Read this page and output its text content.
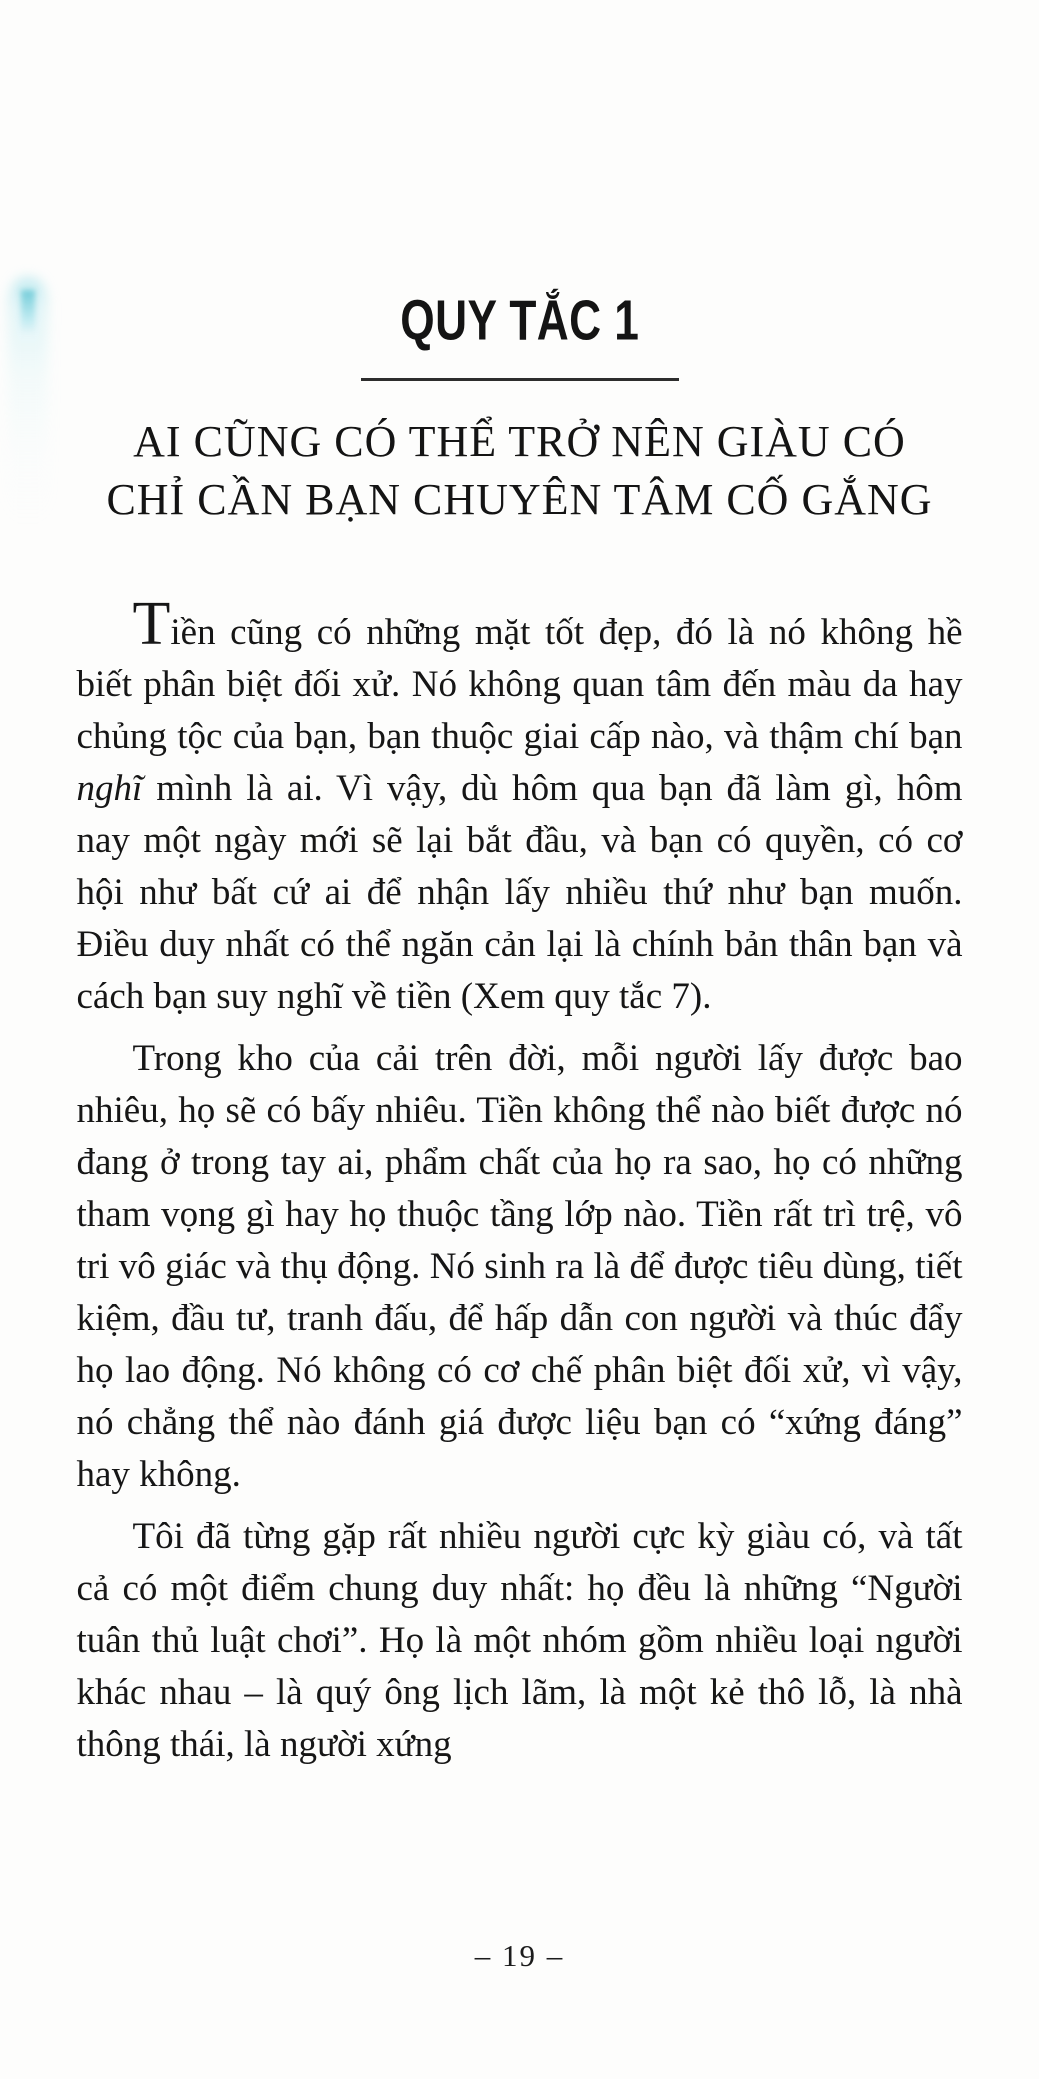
QUY TẮC 1
AI CŨNG CÓ THỂ TRỞ NÊN GIÀU CÓ
CHỈ CẦN BẠN CHUYÊN TÂM CỐ GẮNG

Tiền cũng có những mặt tốt đẹp, đó là nó không hề biết phân biệt đối xử. Nó không quan tâm đến màu da hay chủng tộc của bạn, bạn thuộc giai cấp nào, và thậm chí bạn nghĩ mình là ai. Vì vậy, dù hôm qua bạn đã làm gì, hôm nay một ngày mới sẽ lại bắt đầu, và bạn có quyền, có cơ hội như bất cứ ai để nhận lấy nhiều thứ như bạn muốn. Điều duy nhất có thể ngăn cản lại là chính bản thân bạn và cách bạn suy nghĩ về tiền (Xem quy tắc 7).

Trong kho của cải trên đời, mỗi người lấy được bao nhiêu, họ sẽ có bấy nhiêu. Tiền không thể nào biết được nó đang ở trong tay ai, phẩm chất của họ ra sao, họ có những tham vọng gì hay họ thuộc tầng lớp nào. Tiền rất trì trệ, vô tri vô giác và thụ động. Nó sinh ra là để được tiêu dùng, tiết kiệm, đầu tư, tranh đấu, để hấp dẫn con người và thúc đẩy họ lao động. Nó không có cơ chế phân biệt đối xử, vì vậy, nó chẳng thể nào đánh giá được liệu bạn có “xứng đáng” hay không.

Tôi đã từng gặp rất nhiều người cực kỳ giàu có, và tất cả có một điểm chung duy nhất: họ đều là những “Người tuân thủ luật chơi”. Họ là một nhóm gồm nhiều loại người khác nhau – là quý ông lịch lãm, là một kẻ thô lỗ, là nhà thông thái, là người xứng

– 19 –
